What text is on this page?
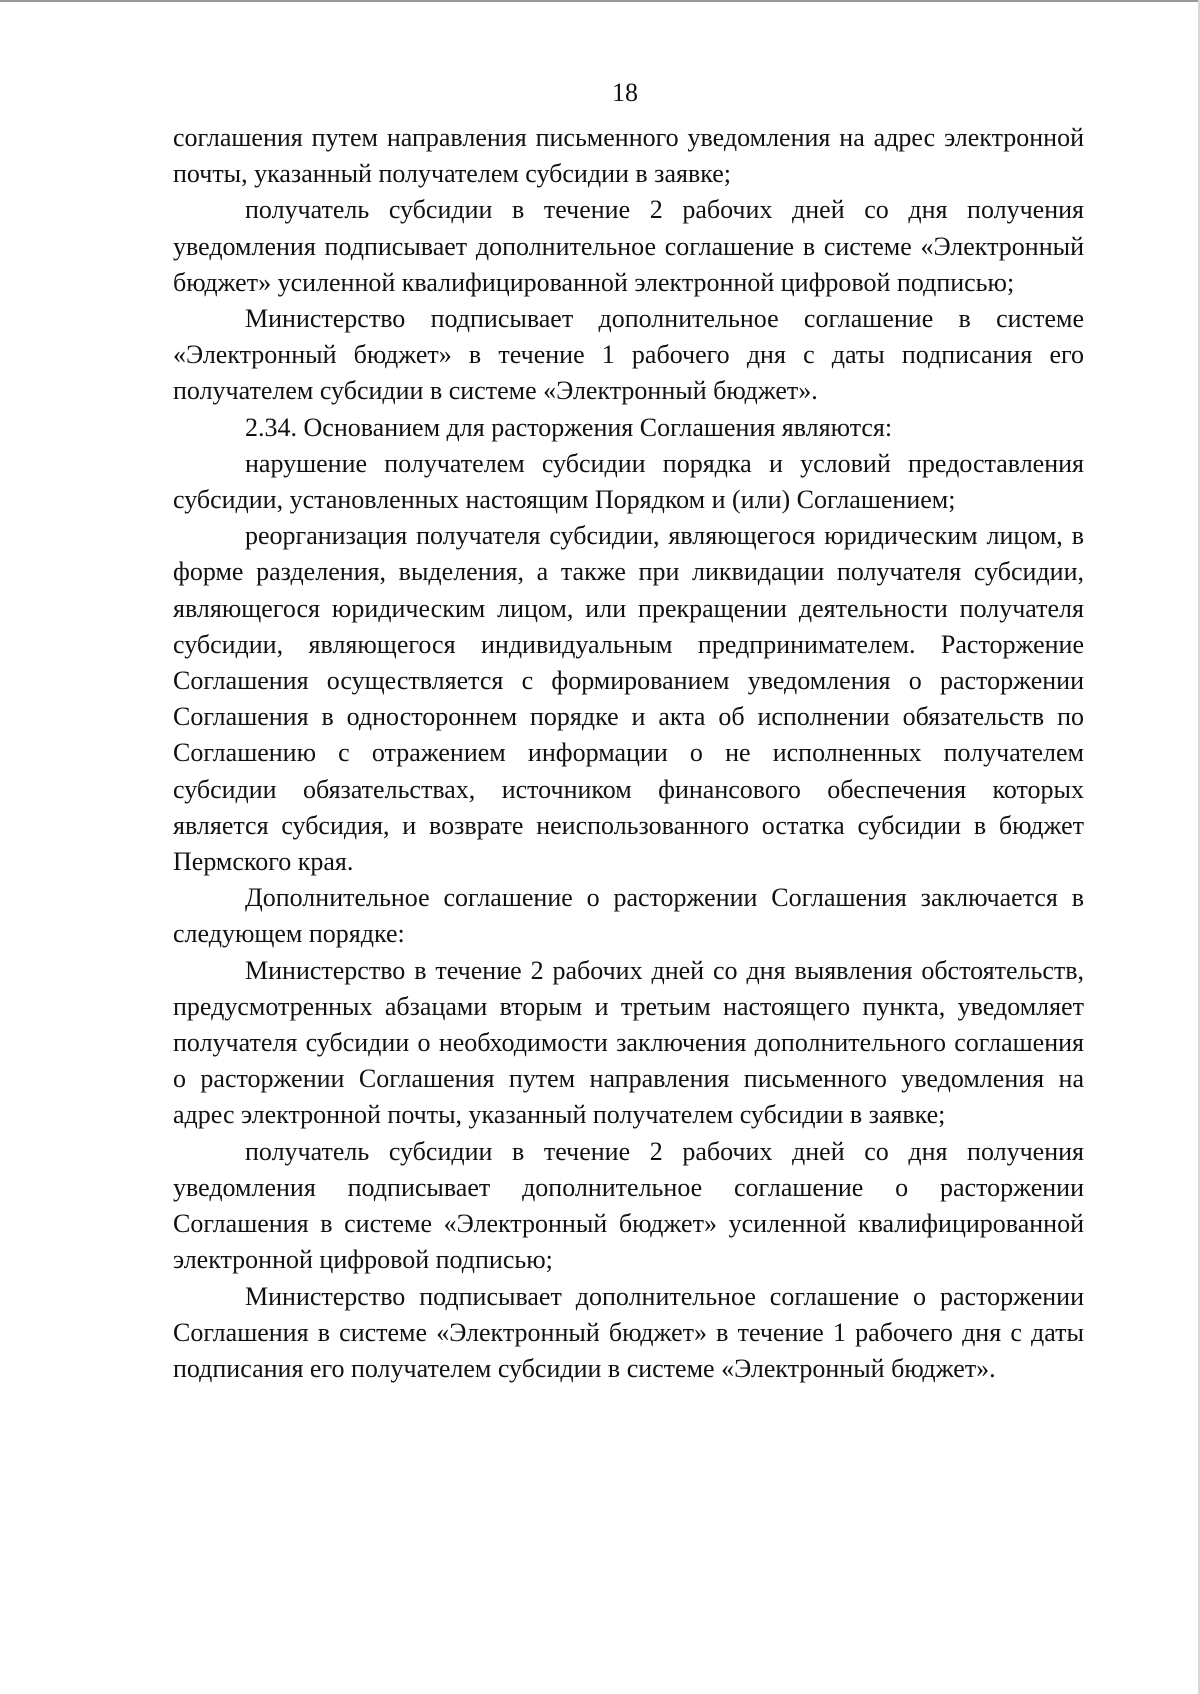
18

соглашения путем направления письменного уведомления на адрес электронной почты, указанный получателем субсидии в заявке;

получатель субсидии в течение 2 рабочих дней со дня получения уведомления подписывает дополнительное соглашение в системе «Электронный бюджет» усиленной квалифицированной электронной цифровой подписью;

Министерство подписывает дополнительное соглашение в системе «Электронный бюджет» в течение 1 рабочего дня с даты подписания его получателем субсидии в системе «Электронный бюджет».

2.34. Основанием для расторжения Соглашения являются:

нарушение получателем субсидии порядка и условий предоставления субсидии, установленных настоящим Порядком и (или) Соглашением;

реорганизация получателя субсидии, являющегося юридическим лицом, в форме разделения, выделения, а также при ликвидации получателя субсидии, являющегося юридическим лицом, или прекращении деятельности получателя субсидии, являющегося индивидуальным предпринимателем. Расторжение Соглашения осуществляется с формированием уведомления о расторжении Соглашения в одностороннем порядке и акта об исполнении обязательств по Соглашению с отражением информации о не исполненных получателем субсидии обязательствах, источником финансового обеспечения которых является субсидия, и возврате неиспользованного остатка субсидии в бюджет Пермского края.

Дополнительное соглашение о расторжении Соглашения заключается в следующем порядке:

Министерство в течение 2 рабочих дней со дня выявления обстоятельств, предусмотренных абзацами вторым и третьим настоящего пункта, уведомляет получателя субсидии о необходимости заключения дополнительного соглашения о расторжении Соглашения путем направления письменного уведомления на адрес электронной почты, указанный получателем субсидии в заявке;

получатель субсидии в течение 2 рабочих дней со дня получения уведомления подписывает дополнительное соглашение о расторжении Соглашения в системе «Электронный бюджет» усиленной квалифицированной электронной цифровой подписью;

Министерство подписывает дополнительное соглашение о расторжении Соглашения в системе «Электронный бюджет» в течение 1 рабочего дня с даты подписания его получателем субсидии в системе «Электронный бюджет».
